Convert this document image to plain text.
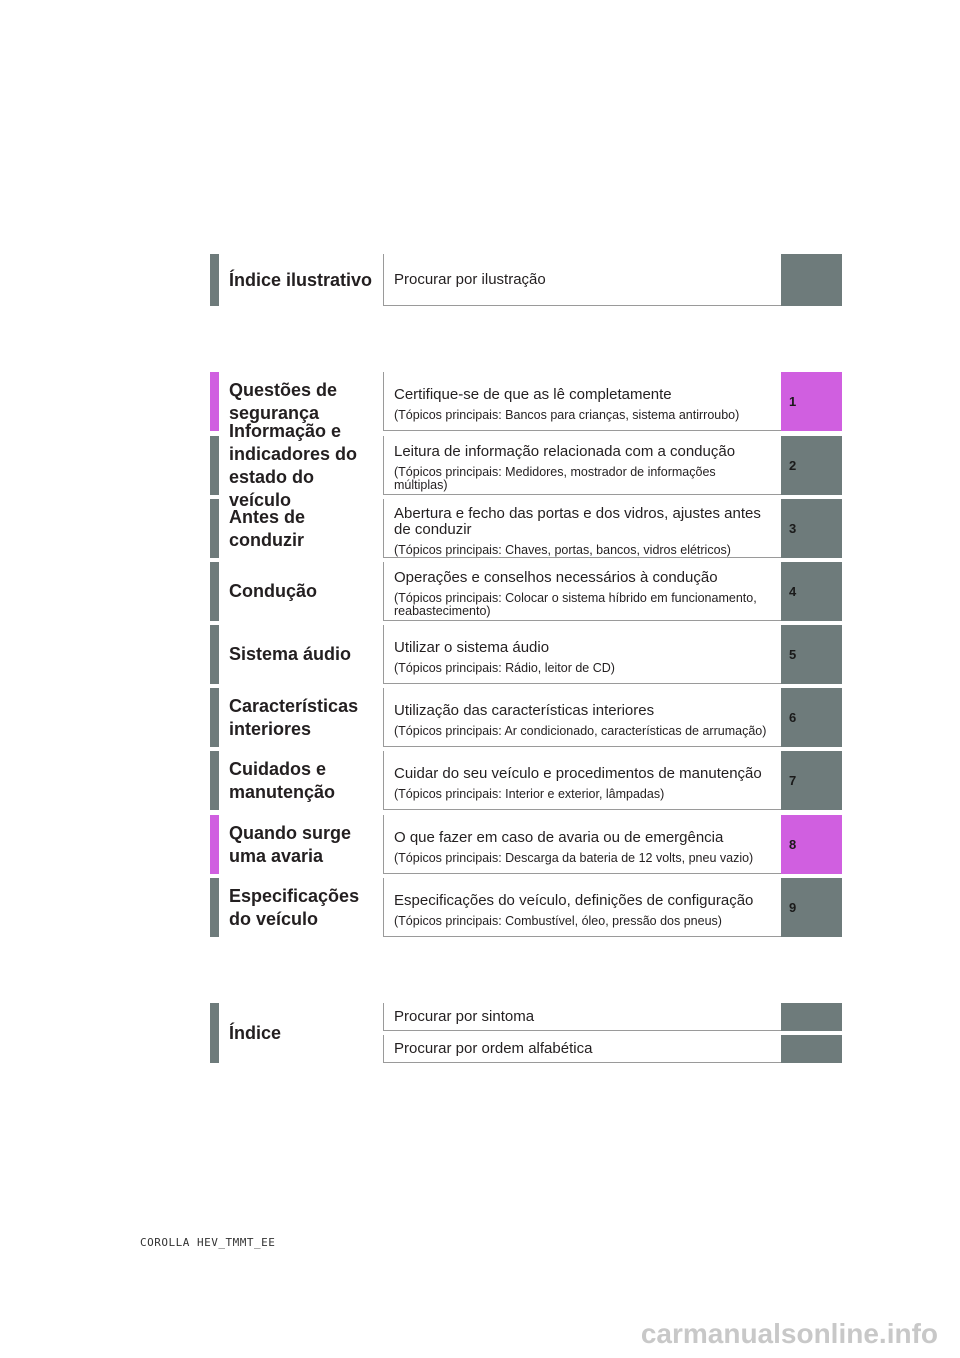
Índice ilustrativo Procurar por ilustração
Questões de
segurança
Certifique-se de que as lê completamente
(Tópicos principais: Bancos para crianças, sistema antirroubo)
1
Informação e
indicadores do
estado do veículo
Leitura de informação relacionada com a condução
(Tópicos principais: Medidores, mostrador de informações múltiplas)
2
Antes de
conduzir
Abertura e fecho das portas e dos vidros, ajustes antes de conduzir
(Tópicos principais: Chaves, portas, bancos, vidros elétricos)
3
Condução
Operações e conselhos necessários à condução
(Tópicos principais: Colocar o sistema híbrido em funcionamento, reabastecimento)
4
Sistema áudio	Utilizar o sistema áudio
(Tópicos principais: Rádio, leitor de CD)
5
Características
interiores
Utilização das características interiores
(Tópicos principais: Ar condicionado, características de arrumação)
6
Cuidados e
manutenção
Cuidar do seu veículo e procedimentos de manutenção
(Tópicos principais: Interior e exterior, lâmpadas)
7
Quando surge
uma avaria
O que fazer em caso de avaria ou de emergência
(Tópicos principais: Descarga da bateria de 12 volts, pneu vazio)
8
Especificações
do veículo
Especificações do veículo, definições de configuração
(Tópicos principais: Combustível, óleo, pressão dos pneus)
9
Índice
Procurar por sintoma
Procurar por ordem alfabética
COROLLA HEV_TMMT_EE
carmanualsonline.info
